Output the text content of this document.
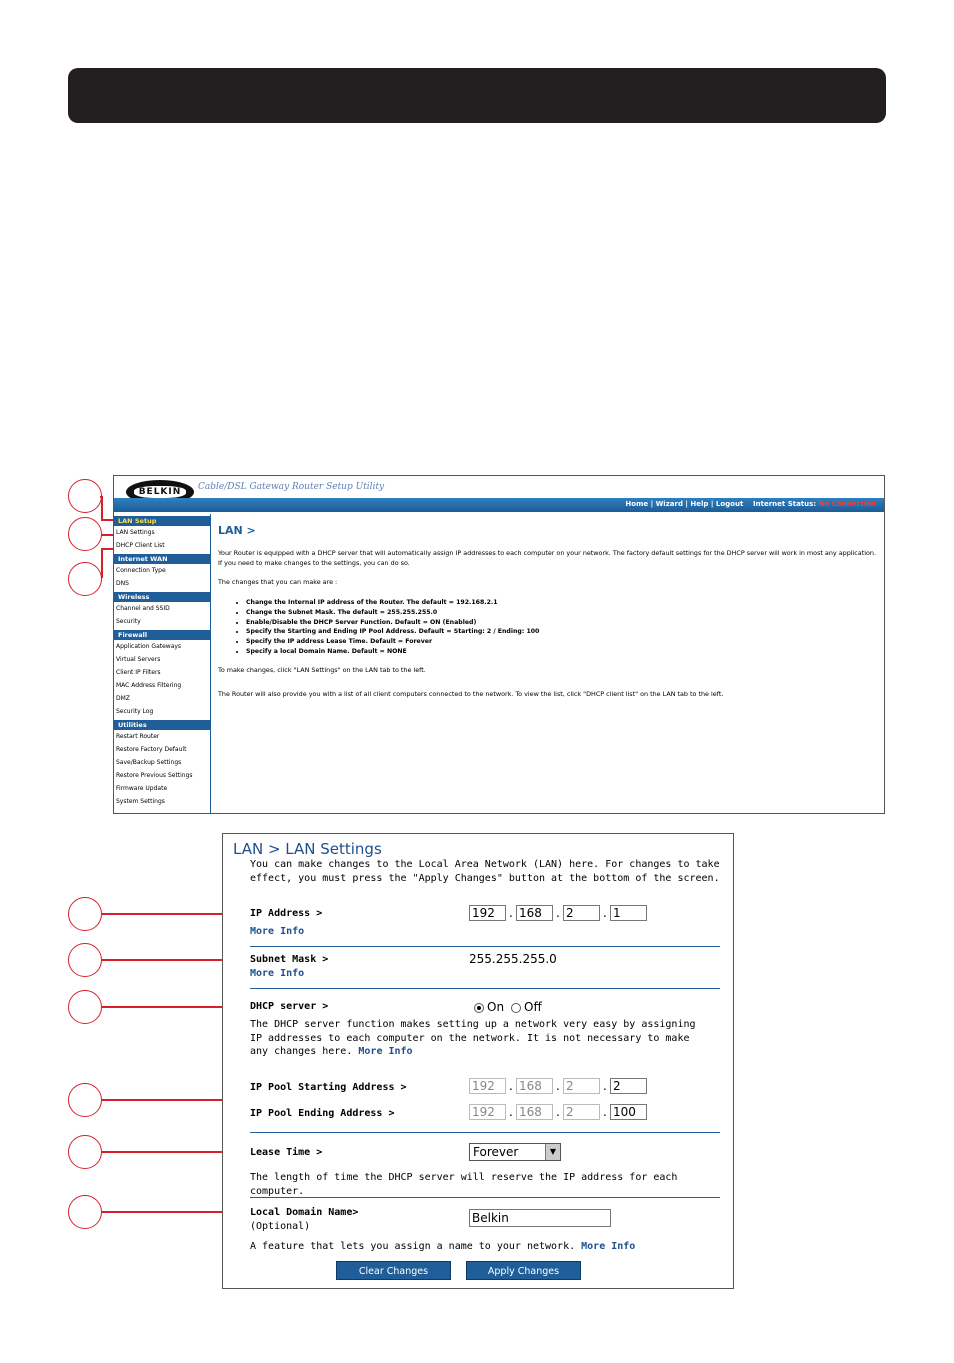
BELKIN	Cable/DSL Gateway Router Setup Utility
Home | Wizard | Help | Logout Internet Status: No Connection
LAN Setup
LAN Settings
DHCP Client List
Internet WAN
Connection Type
DNS
Wireless
Channel and SSID
Security
Firewall
Application Gateways
Virtual Servers
Client IP Filters
MAC Address Filtering
DMZ
Security Log
Utilities
Restart Router
Restore Factory Default
Save/Backup Settings
Restore Previous Settings
Firmware Update
System Settings
LAN >

Your Router is equipped with a DHCP server that will automatically assign IP addresses to each computer on your network. The factory default settings for the DHCP server will work in most any application. If you need to make changes to the settings, you can do so.

The changes that you can make are :

• Change the Internal IP address of the Router. The default = 192.168.2.1
• Change the Subnet Mask. The default = 255.255.255.0
• Enable/Disable the DHCP Server Function. Default = ON (Enabled)
• Specify the Starting and Ending IP Pool Address. Default = Starting: 2 / Ending: 100
• Specify the IP address Lease Time. Default = Forever
• Specify a local Domain Name. Default = NONE

To make changes, click "LAN Settings" on the LAN tab to the left.

The Router will also provide you with a list of all client computers connected to the network. To view the list, click "DHCP client list" on the LAN tab to the left.

LAN > LAN Settings
You can make changes to the Local Area Network (LAN) here. For changes to take effect, you must press the "Apply Changes" button at the bottom of the screen.
IP Address >
More Info
192	. 168	. 2	. 1
Subnet Mask >
More Info
255.255.255.0
DHCP server >	On Off
The DHCP server function makes setting up a network very easy by assigning IP addresses to each computer on the network. It is not necessary to make any changes here. More Info
IP Pool Starting Address >	192	. 168	. 2	. 2
IP Pool Ending Address >	192	. 168	. 2	. 100
Lease Time >	Forever	▼
The length of time the DHCP server will reserve the IP address for each computer.
Local Domain Name>
(Optional)
Belkin
A feature that lets you assign a name to your network. More Info
Clear Changes	Apply Changes
